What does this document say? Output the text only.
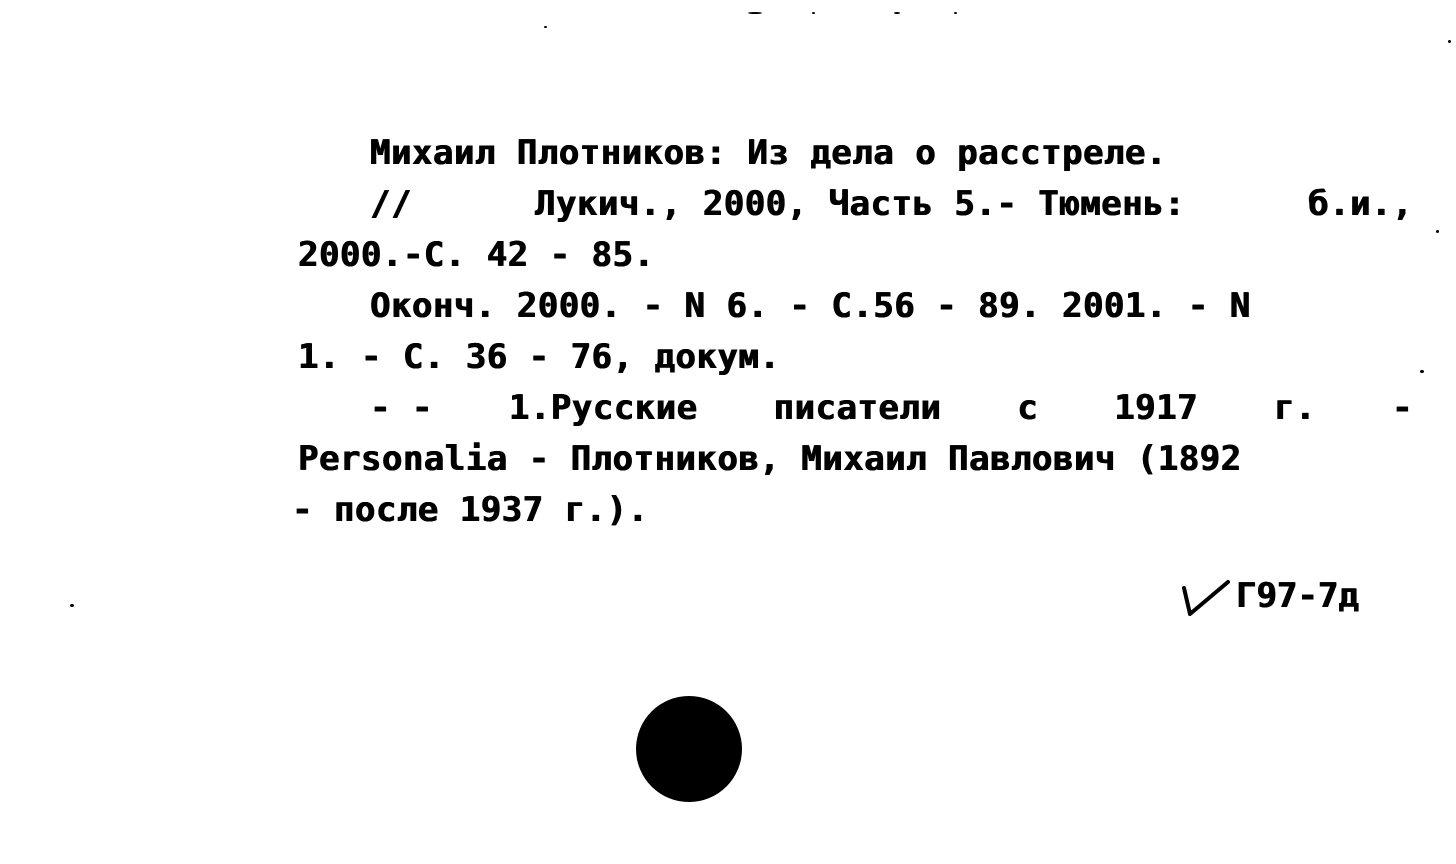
Михаил Плотников: Из дела о расстреле.
//	Лукич., 2000, Часть 5.- Тюмень:	б.и.,
2000.-С. 42 - 85.
Оконч. 2000. - N 6. - С.56 - 89. 2001. - N
1. - С. 36 - 76, докум.
- - 1.Русские писатели с 1917 г. -
Personalia - Плотников, Михаил Павлович (1892
- после 1937 г.).
Г97-7д
